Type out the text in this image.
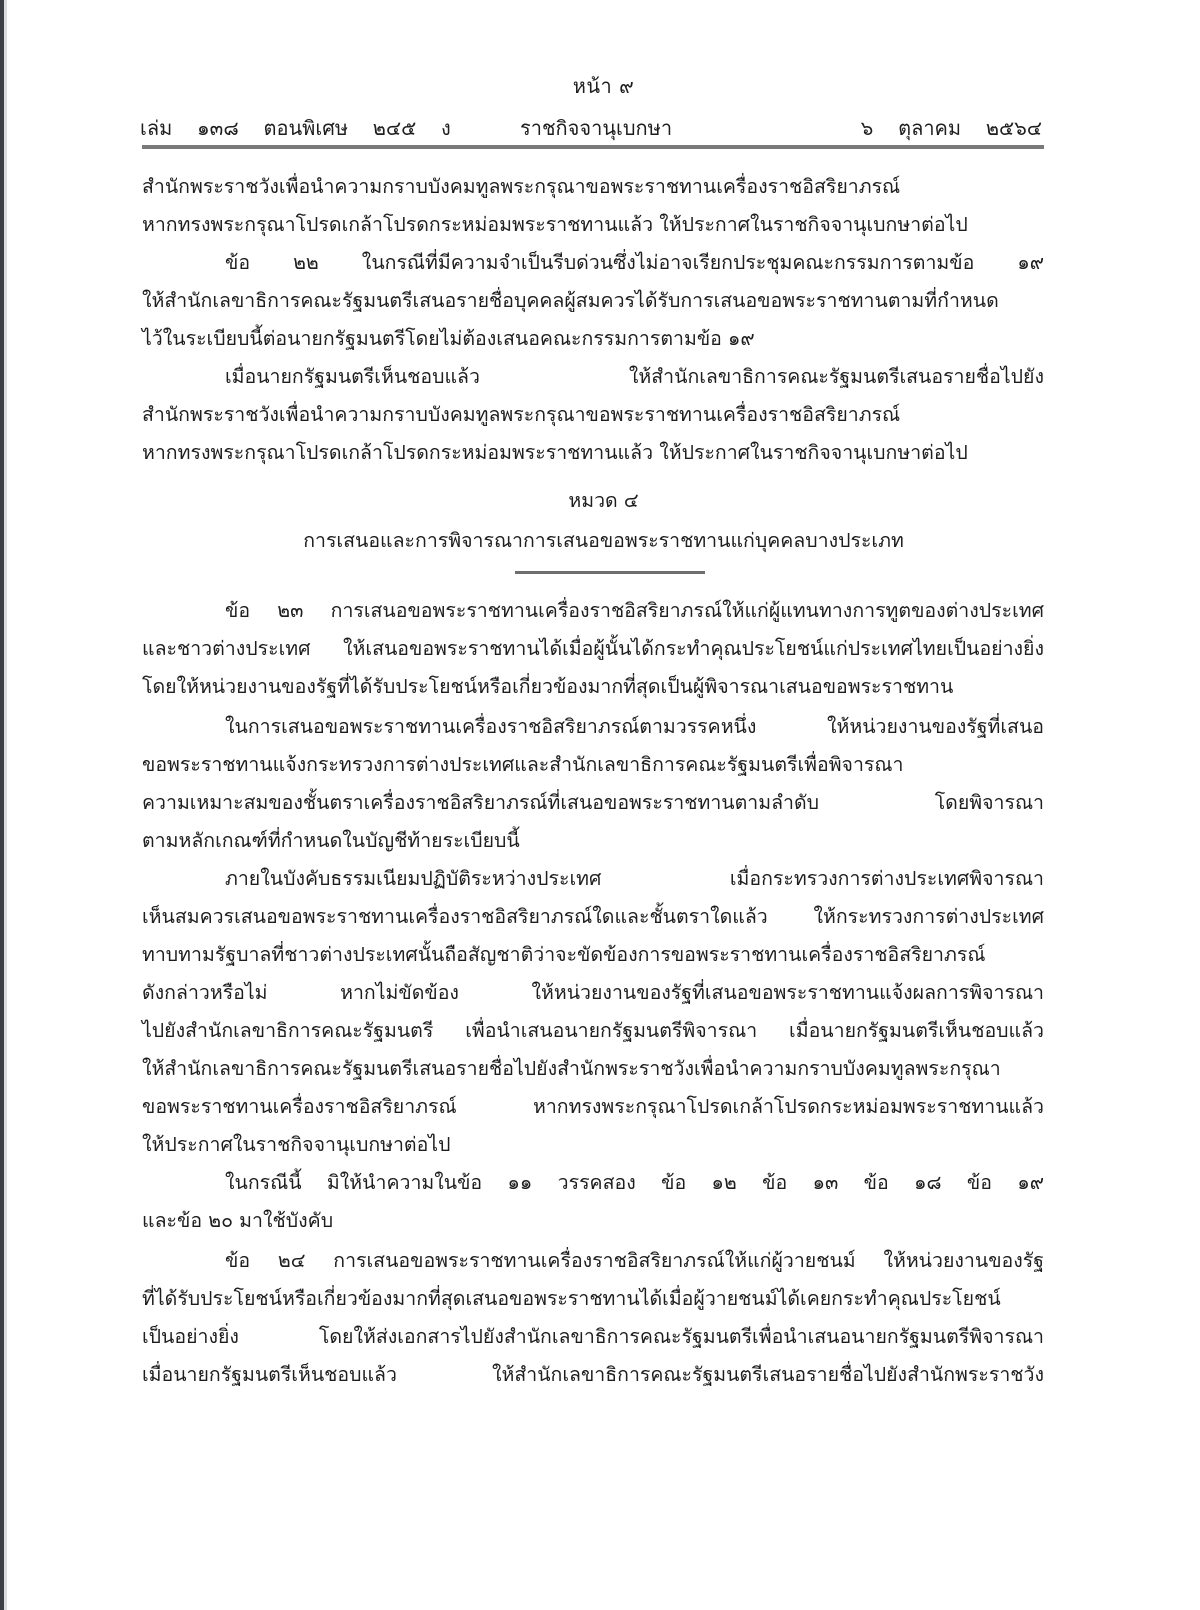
หน้า ๙
เล่ม  ๑๓๘  ตอนพิเศษ  ๒๔๕  ง	ราชกิจจานุเบกษา	๖  ตุลาคม  ๒๕๖๔
สำนักพระราชวังเพื่อนำความกราบบังคมทูลพระกรุณาขอพระราชทานเครื่องราชอิสริยาภรณ์
หากทรงพระกรุณาโปรดเกล้าโปรดกระหม่อมพระราชทานแล้ว ให้ประกาศในราชกิจจานุเบกษาต่อไป
ข้อ ๒๒ ในกรณีที่มีความจำเป็นรีบด่วนซึ่งไม่อาจเรียกประชุมคณะกรรมการตามข้อ ๑๙
ให้สำนักเลขาธิการคณะรัฐมนตรีเสนอรายชื่อบุคคลผู้สมควรได้รับการเสนอขอพระราชทานตามที่กำหนด
ไว้ในระเบียบนี้ต่อนายกรัฐมนตรีโดยไม่ต้องเสนอคณะกรรมการตามข้อ ๑๙
เมื่อนายกรัฐมนตรีเห็นชอบแล้ว ให้สำนักเลขาธิการคณะรัฐมนตรีเสนอรายชื่อไปยัง
สำนักพระราชวังเพื่อนำความกราบบังคมทูลพระกรุณาขอพระราชทานเครื่องราชอิสริยาภรณ์
หากทรงพระกรุณาโปรดเกล้าโปรดกระหม่อมพระราชทานแล้ว ให้ประกาศในราชกิจจานุเบกษาต่อไป
หมวด ๔
การเสนอและการพิจารณาการเสนอขอพระราชทานแก่บุคคลบางประเภท
ข้อ ๒๓ การเสนอขอพระราชทานเครื่องราชอิสริยาภรณ์ให้แก่ผู้แทนทางการทูตของต่างประเทศ
และชาวต่างประเทศ ให้เสนอขอพระราชทานได้เมื่อผู้นั้นได้กระทำคุณประโยชน์แก่ประเทศไทยเป็นอย่างยิ่ง
โดยให้หน่วยงานของรัฐที่ได้รับประโยชน์หรือเกี่ยวข้องมากที่สุดเป็นผู้พิจารณาเสนอขอพระราชทาน
ในการเสนอขอพระราชทานเครื่องราชอิสริยาภรณ์ตามวรรคหนึ่ง ให้หน่วยงานของรัฐที่เสนอ
ขอพระราชทานแจ้งกระทรวงการต่างประเทศและสำนักเลขาธิการคณะรัฐมนตรีเพื่อพิจารณา
ความเหมาะสมของชั้นตราเครื่องราชอิสริยาภรณ์ที่เสนอขอพระราชทานตามลำดับ โดยพิจารณา
ตามหลักเกณฑ์ที่กำหนดในบัญชีท้ายระเบียบนี้
ภายในบังคับธรรมเนียมปฏิบัติระหว่างประเทศ เมื่อกระทรวงการต่างประเทศพิจารณา
เห็นสมควรเสนอขอพระราชทานเครื่องราชอิสริยาภรณ์ใดและชั้นตราใดแล้ว ให้กระทรวงการต่างประเทศ
ทาบทามรัฐบาลที่ชาวต่างประเทศนั้นถือสัญชาติว่าจะขัดข้องการขอพระราชทานเครื่องราชอิสริยาภรณ์
ดังกล่าวหรือไม่ หากไม่ขัดข้อง ให้หน่วยงานของรัฐที่เสนอขอพระราชทานแจ้งผลการพิจารณา
ไปยังสำนักเลขาธิการคณะรัฐมนตรี เพื่อนำเสนอนายกรัฐมนตรีพิจารณา เมื่อนายกรัฐมนตรีเห็นชอบแล้ว
ให้สำนักเลขาธิการคณะรัฐมนตรีเสนอรายชื่อไปยังสำนักพระราชวังเพื่อนำความกราบบังคมทูลพระกรุณา
ขอพระราชทานเครื่องราชอิสริยาภรณ์ หากทรงพระกรุณาโปรดเกล้าโปรดกระหม่อมพระราชทานแล้ว
ให้ประกาศในราชกิจจานุเบกษาต่อไป
ในกรณีนี้ มิให้นำความในข้อ ๑๑ วรรคสอง ข้อ ๑๒ ข้อ ๑๓ ข้อ ๑๘ ข้อ ๑๙
และข้อ ๒๐ มาใช้บังคับ
ข้อ ๒๔ การเสนอขอพระราชทานเครื่องราชอิสริยาภรณ์ให้แก่ผู้วายชนม์ ให้หน่วยงานของรัฐ
ที่ได้รับประโยชน์หรือเกี่ยวข้องมากที่สุดเสนอขอพระราชทานได้เมื่อผู้วายชนม์ได้เคยกระทำคุณประโยชน์
เป็นอย่างยิ่ง โดยให้ส่งเอกสารไปยังสำนักเลขาธิการคณะรัฐมนตรีเพื่อนำเสนอนายกรัฐมนตรีพิจารณา
เมื่อนายกรัฐมนตรีเห็นชอบแล้ว ให้สำนักเลขาธิการคณะรัฐมนตรีเสนอรายชื่อไปยังสำนักพระราชวัง
